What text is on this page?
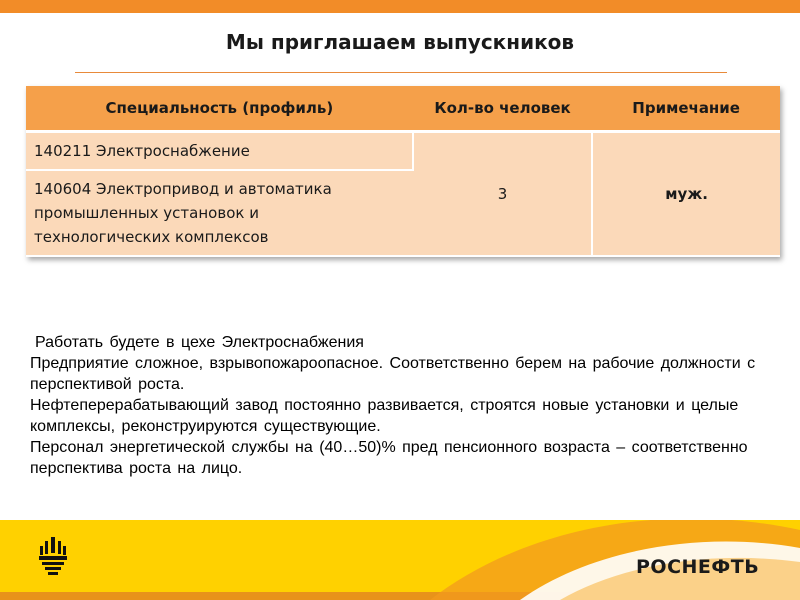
Мы приглашаем выпускников
Специальность (профиль)	Кол-во человек	Примечание
140211 Электроснабжение	3	муж.
140604 Электропривод и автоматика промышленных установок и технологических комплексов		

Работать будете в цехе Электроснабжения

Предприятие сложное, взрывопожароопасное. Соответственно берем на рабочие должности с перспективой роста.

Нефтеперерабатывающий завод постоянно развивается, строятся новые установки и целые комплексы, реконструируются существующие.

Персонал энергетической службы на (40…50)% пред пенсионного возраста – соответственно перспектива роста на лицо.

РОСНЕФТЬ
